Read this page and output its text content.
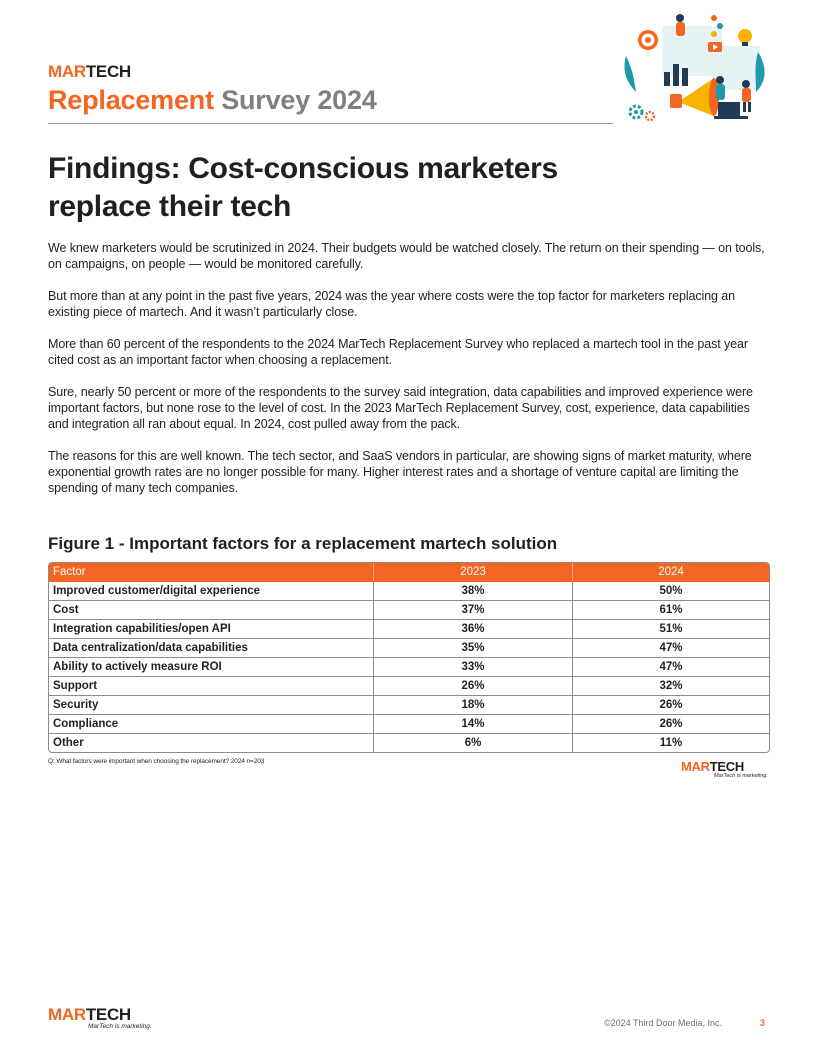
MARTECH
Replacement Survey 2024
Findings: Cost-conscious marketers
replace their tech
We knew marketers would be scrutinized in 2024. Their budgets would be watched closely. The return on their spending — on tools, on campaigns, on people — would be monitored carefully.
But more than at any point in the past five years, 2024 was the year where costs were the top factor for marketers replacing an existing piece of martech. And it wasn’t particularly close.
More than 60 percent of the respondents to the 2024 MarTech Replacement Survey who replaced a martech tool in the past year cited cost as an important factor when choosing a replacement.
Sure, nearly 50 percent or more of the respondents to the survey said integration, data capabilities and improved experience were important factors, but none rose to the level of cost. In the 2023 MarTech Replacement Survey, cost, experience, data capabilities and integration all ran about equal. In 2024, cost pulled away from the pack.
The reasons for this are well known. The tech sector, and SaaS vendors in particular, are showing signs of market maturity, where exponential growth rates are no longer possible for many. Higher interest rates and a shortage of venture capital are limiting the spending of many tech companies.
Figure 1 - Important factors for a replacement martech solution
Factor	2023	2024
Improved customer/digital experience	38%	50%
Cost	37%	61%
Integration capabilities/open API	36%	51%
Data centralization/data capabilities	35%	47%
Ability to actively measure ROI	33%	47%
Support	26%	32%
Security	18%	26%
Compliance	14%	26%
Other	6%	11%
Q: What factors were important when choosing the replacement? 2024 n=203	MARTECH
MarTech is marketing.
MARTECH
MarTech is marketing.	©2024 Third Door Media, Inc.	3
